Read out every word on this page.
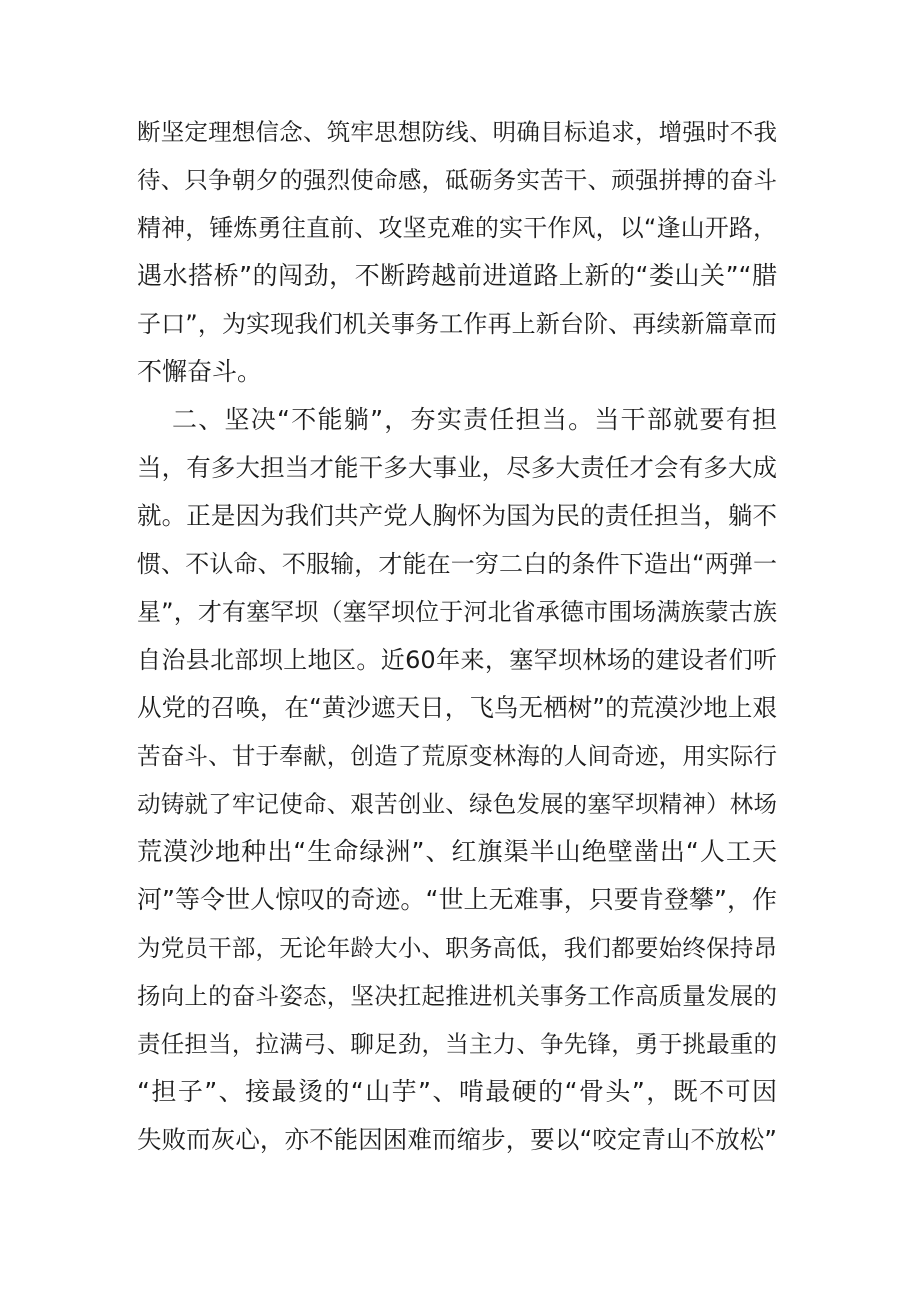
断坚定理想信念、筑牢思想防线、明确目标追求，增强时不我
待、只争朝夕的强烈使命感，砥砺务实苦干、顽强拼搏的奋斗
精神，锤炼勇往直前、攻坚克难的实干作风，以“逢山开路，
遇水搭桥”的闯劲，不断跨越前进道路上新的“娄山关”“腊
子口”，为实现我们机关事务工作再上新台阶、再续新篇章而
不懈奋斗。
二、坚决“不能躺”，夯实责任担当。当干部就要有担
当，有多大担当才能干多大事业，尽多大责任才会有多大成
就。正是因为我们共产党人胸怀为国为民的责任担当，躺不
惯、不认命、不服输，才能在一穷二白的条件下造出“两弹一
星”，才有塞罕坝（塞罕坝位于河北省承德市围场满族蒙古族
自治县北部坝上地区。近60年来，塞罕坝林场的建设者们听
从党的召唤，在“黄沙遮天日，飞鸟无栖树”的荒漠沙地上艰
苦奋斗、甘于奉献，创造了荒原变林海的人间奇迹，用实际行
动铸就了牢记使命、艰苦创业、绿色发展的塞罕坝精神）林场
荒漠沙地种出“生命绿洲”、红旗渠半山绝壁凿出“人工天
河”等令世人惊叹的奇迹。“世上无难事，只要肯登攀”，作
为党员干部，无论年龄大小、职务高低，我们都要始终保持昂
扬向上的奋斗姿态，坚决扛起推进机关事务工作高质量发展的
责任担当，拉满弓、聊足劲，当主力、争先锋，勇于挑最重的
“担子”、接最烫的“山芋”、啃最硬的“骨头”，既不可因
失败而灰心，亦不能因困难而缩步，要以“咬定青山不放松”
